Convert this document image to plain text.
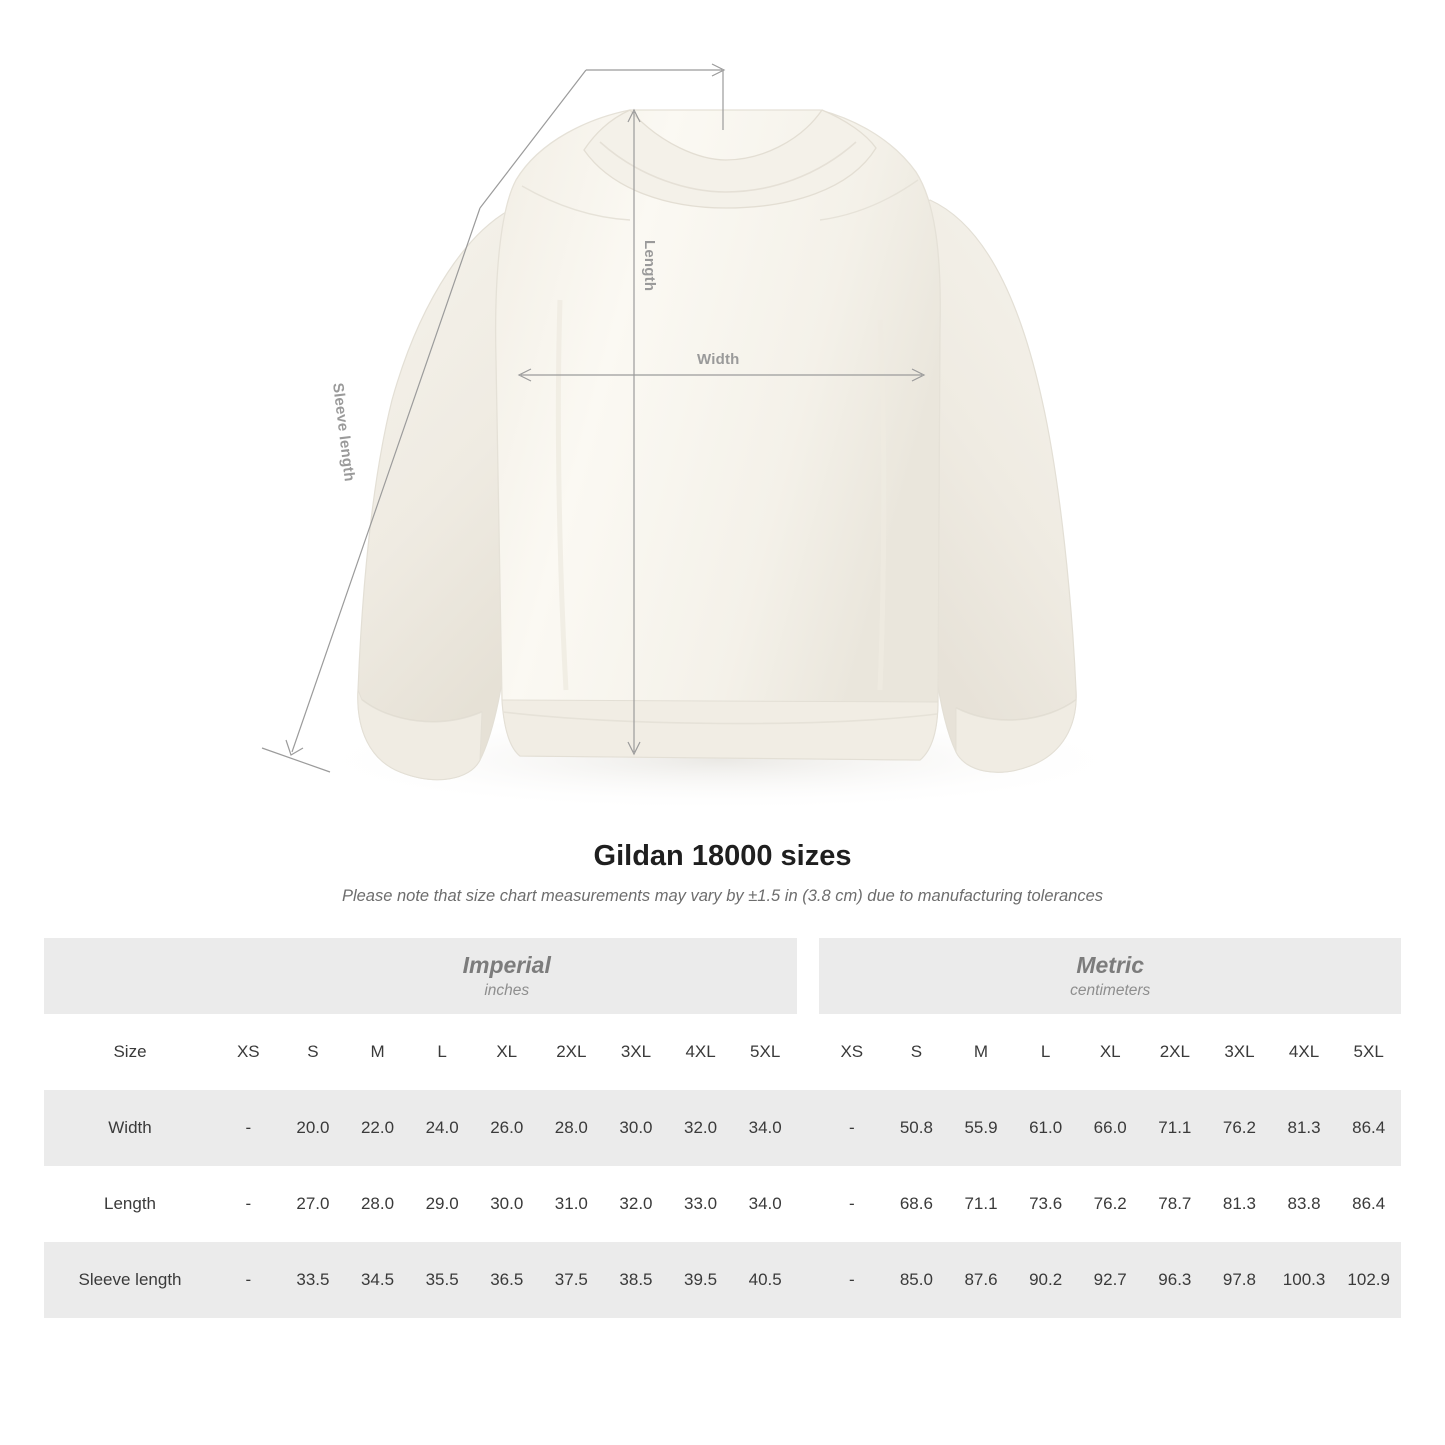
Length
Width
Sleeve length
Gildan 18000 sizes

Please note that size chart measurements may vary by ±1.5 in (3.8 cm) due to manufacturing tolerances

Imperial
inches

Metric
centimeters

Size	XS	S	M	L	XL	2XL	3XL	4XL	5XL		XS	S	M	L	XL	2XL	3XL	4XL	5XL
Width	-	20.0	22.0	24.0	26.0	28.0	30.0	32.0	34.0		-	50.8	55.9	61.0	66.0	71.1	76.2	81.3	86.4
Length	-	27.0	28.0	29.0	30.0	31.0	32.0	33.0	34.0		-	68.6	71.1	73.6	76.2	78.7	81.3	83.8	86.4
Sleeve length	-	33.5	34.5	35.5	36.5	37.5	38.5	39.5	40.5		-	85.0	87.6	90.2	92.7	96.3	97.8	100.3	102.9
